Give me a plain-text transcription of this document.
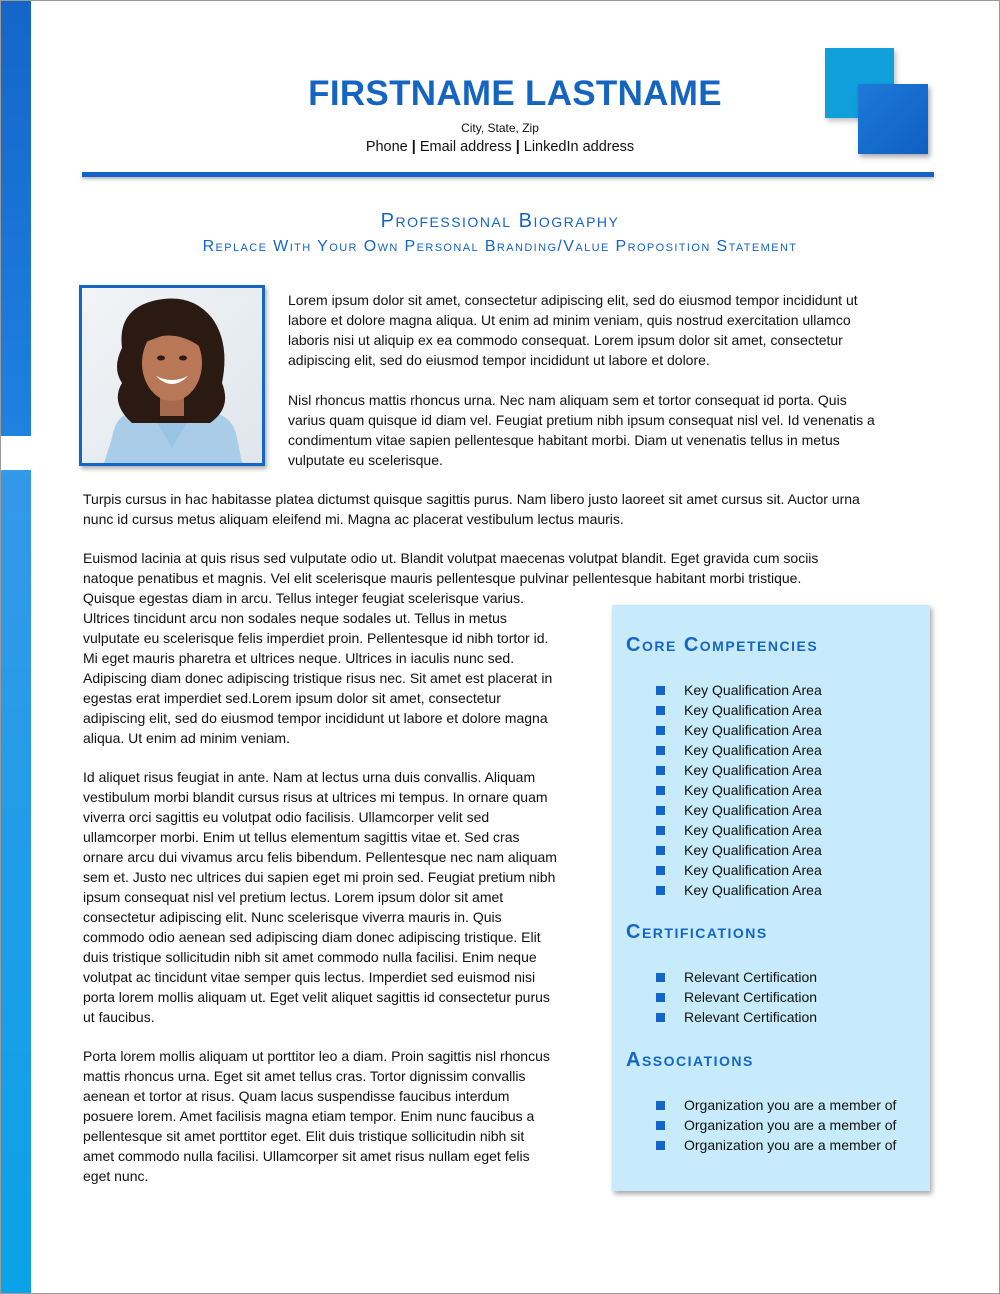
FIRSTNAME LASTNAME
City, State, Zip
Phone | Email address | LinkedIn address
Professional Biography
Replace With Your Own Personal Branding/Value Proposition Statement
Lorem ipsum dolor sit amet, consectetur adipiscing elit, sed do eiusmod tempor incididunt ut
labore et dolore magna aliqua. Ut enim ad minim veniam, quis nostrud exercitation ullamco
laboris nisi ut aliquip ex ea commodo consequat. Lorem ipsum dolor sit amet, consectetur
adipiscing elit, sed do eiusmod tempor incididunt ut labore et dolore.
Nisl rhoncus mattis rhoncus urna. Nec nam aliquam sem et tortor consequat id porta. Quis
varius quam quisque id diam vel. Feugiat pretium nibh ipsum consequat nisl vel. Id venenatis a
condimentum vitae sapien pellentesque habitant morbi. Diam ut venenatis tellus in metus
vulputate eu scelerisque.
Turpis cursus in hac habitasse platea dictumst quisque sagittis purus. Nam libero justo laoreet sit amet cursus sit. Auctor urna
nunc id cursus metus aliquam eleifend mi. Magna ac placerat vestibulum lectus mauris.
Euismod lacinia at quis risus sed vulputate odio ut. Blandit volutpat maecenas volutpat blandit. Eget gravida cum sociis
natoque penatibus et magnis. Vel elit scelerisque mauris pellentesque pulvinar pellentesque habitant morbi tristique.
Quisque egestas diam in arcu. Tellus integer feugiat scelerisque varius.
Ultrices tincidunt arcu non sodales neque sodales ut. Tellus in metus
vulputate eu scelerisque felis imperdiet proin. Pellentesque id nibh tortor id.
Mi eget mauris pharetra et ultrices neque. Ultrices in iaculis nunc sed.
Adipiscing diam donec adipiscing tristique risus nec. Sit amet est placerat in
egestas erat imperdiet sed.Lorem ipsum dolor sit amet, consectetur
adipiscing elit, sed do eiusmod tempor incididunt ut labore et dolore magna
aliqua. Ut enim ad minim veniam.
Id aliquet risus feugiat in ante. Nam at lectus urna duis convallis. Aliquam
vestibulum morbi blandit cursus risus at ultrices mi tempus. In ornare quam
viverra orci sagittis eu volutpat odio facilisis. Ullamcorper velit sed
ullamcorper morbi. Enim ut tellus elementum sagittis vitae et. Sed cras
ornare arcu dui vivamus arcu felis bibendum. Pellentesque nec nam aliquam
sem et. Justo nec ultrices dui sapien eget mi proin sed. Feugiat pretium nibh
ipsum consequat nisl vel pretium lectus. Lorem ipsum dolor sit amet
consectetur adipiscing elit. Nunc scelerisque viverra mauris in. Quis
commodo odio aenean sed adipiscing diam donec adipiscing tristique. Elit
duis tristique sollicitudin nibh sit amet commodo nulla facilisi. Enim neque
volutpat ac tincidunt vitae semper quis lectus. Imperdiet sed euismod nisi
porta lorem mollis aliquam ut. Eget velit aliquet sagittis id consectetur purus
ut faucibus.
Porta lorem mollis aliquam ut porttitor leo a diam. Proin sagittis nisl rhoncus
mattis rhoncus urna. Eget sit amet tellus cras. Tortor dignissim convallis
aenean et tortor at risus. Quam lacus suspendisse faucibus interdum
posuere lorem. Amet facilisis magna etiam tempor. Enim nunc faucibus a
pellentesque sit amet porttitor eget. Elit duis tristique sollicitudin nibh sit
amet commodo nulla facilisi. Ullamcorper sit amet risus nullam eget felis
eget nunc.
Core Competencies
Key Qualification Area
Key Qualification Area
Key Qualification Area
Key Qualification Area
Key Qualification Area
Key Qualification Area
Key Qualification Area
Key Qualification Area
Key Qualification Area
Key Qualification Area
Key Qualification Area
Certifications
Relevant Certification
Relevant Certification
Relevant Certification
Associations
Organization you are a member of
Organization you are a member of
Organization you are a member of
